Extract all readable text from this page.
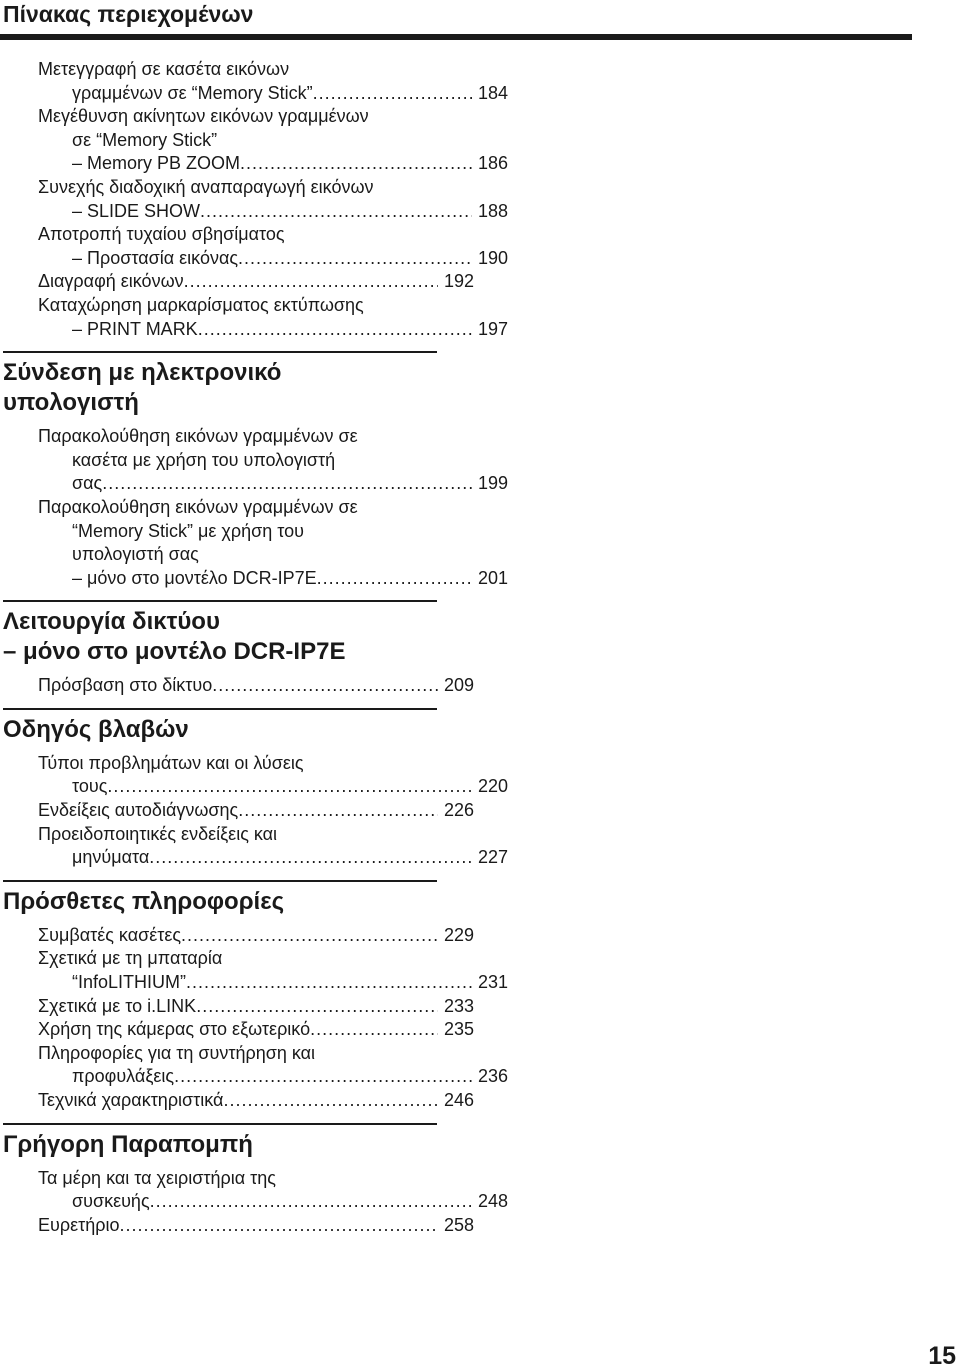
Πίνακας περιεχομένων
Μετεγγραφή σε κασέτα εικόνων
γραμμένων σε “Memory Stick” .....	184
Μεγέθυνση ακίνητων εικόνων γραμμένων
σε “Memory Stick”
– Memory PB ZOOM .....	186
Συνεχής διαδοχική αναπαραγωγή εικόνων
– SLIDE SHOW .....	188
Αποτροπή τυχαίου σβησίματος
– Προστασία εικόνας .....	190
Διαγραφή εικόνων .....	192
Καταχώρηση μαρκαρίσματος εκτύπωσης
– PRINT MARK .....	197
Σύνδεση με ηλεκτρονικό
υπολογιστή
Παρακολούθηση εικόνων γραμμένων σε
κασέτα με χρήση του υπολογιστή
σας .....	199
Παρακολούθηση εικόνων γραμμένων σε
“Memory Stick” με χρήση του
υπολογιστή σας
– μόνο στο μοντέλο DCR-IP7E .....	201
Λειτουργία δικτύου
– μόνο στο μοντέλο DCR-IP7E
Πρόσβαση στο δίκτυο .....	209
Οδηγός βλαβών
Τύποι προβλημάτων και οι λύσεις
τους .....	220
Ενδείξεις αυτοδιάγνωσης .....	226
Προειδοποιητικές ενδείξεις και
μηνύματα .....	227
Πρόσθετες πληροφορίες
Συμβατές κασέτες .....	229
Σχετικά με τη μπαταρία
“InfoLITHIUM” .....	231
Σχετικά με το i.LINK .....	233
Χρήση της κάμερας στο εξωτερικό .....	235
Πληροφορίες για τη συντήρηση και
προφυλάξεις .....	236
Τεχνικά χαρακτηριστικά .....	246
Γρήγορη Παραπομπή
Τα μέρη και τα χειριστήρια της
συσκευής .....	248
Ευρετήριο .....	258
15
